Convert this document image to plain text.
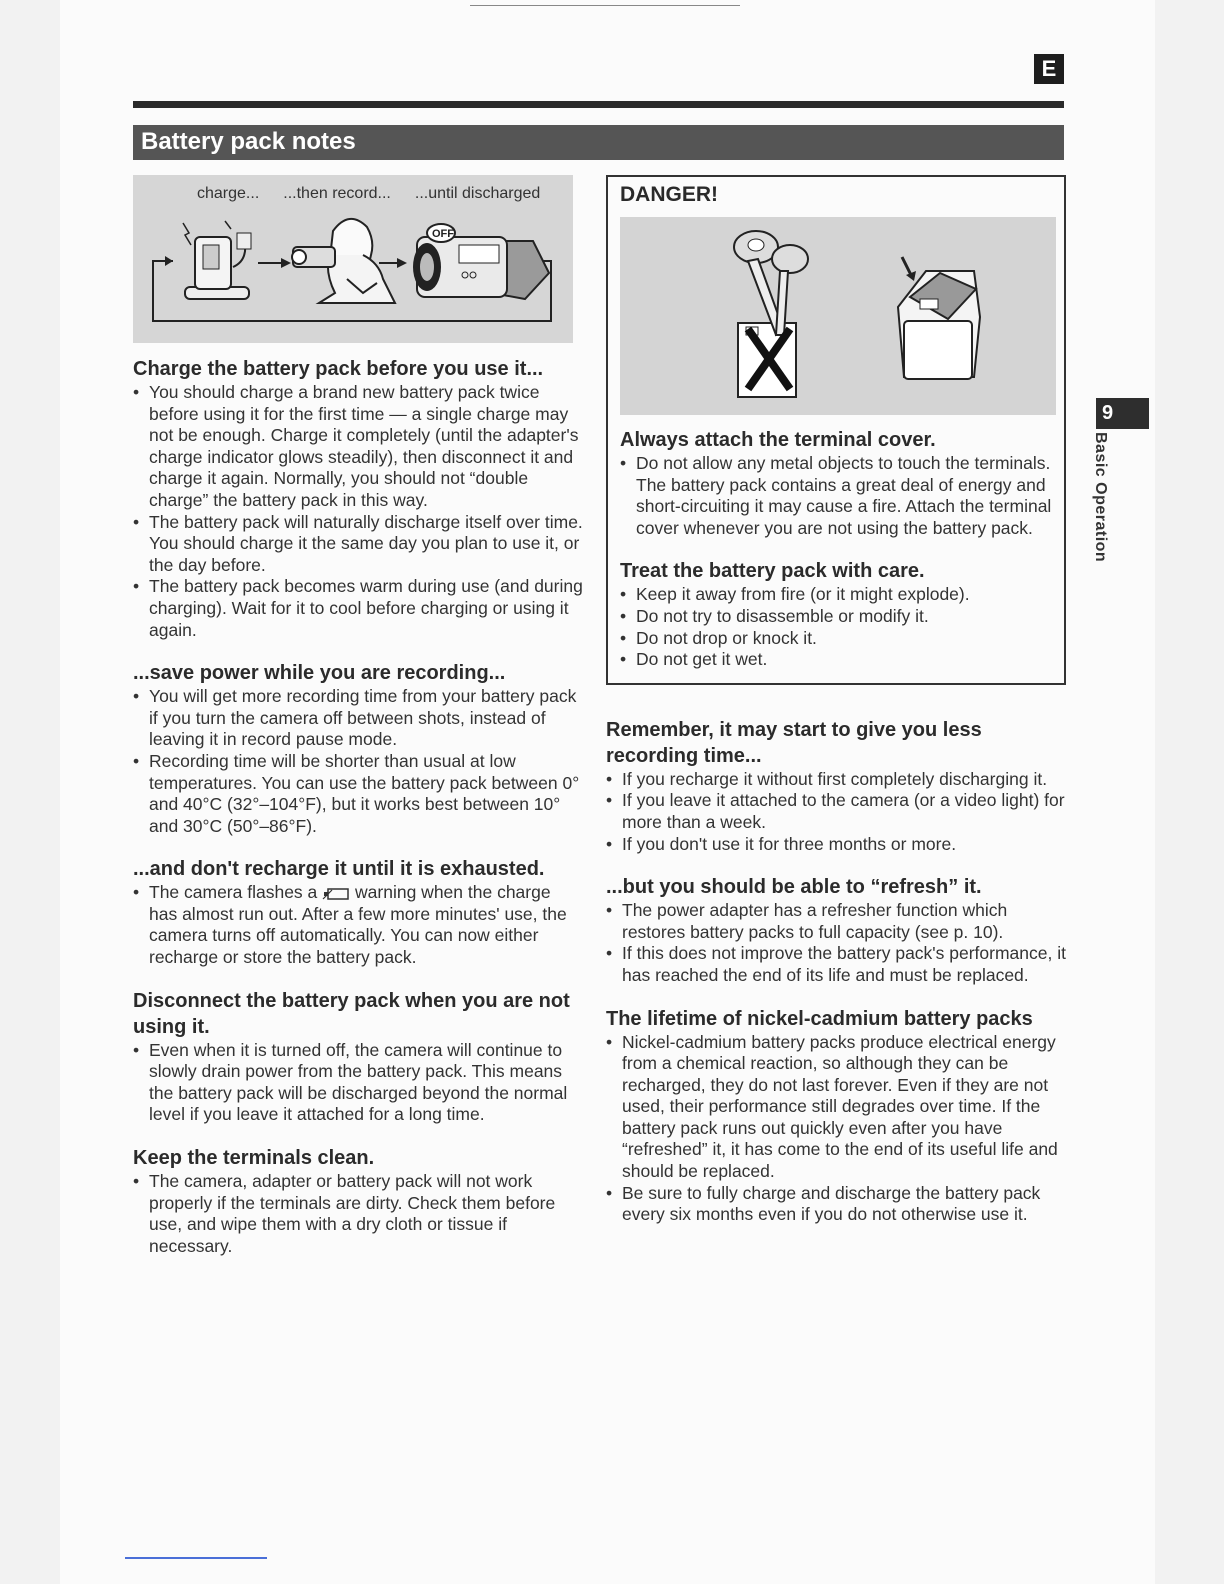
E
Battery pack notes
charge... ...then record... ...until discharged
OFF
Charge the battery pack before you use it...
• You should charge a brand new battery pack twice before using it for the first time — a single charge may not be enough. Charge it completely (until the adapter's charge indicator glows steadily), then disconnect it and charge it again. Normally, you should not “double charge” the battery pack in this way.
• The battery pack will naturally discharge itself over time. You should charge it the same day you plan to use it, or the day before.
• The battery pack becomes warm during use (and during charging). Wait for it to cool before charging or using it again.
...save power while you are recording...
• You will get more recording time from your battery pack if you turn the camera off between shots, instead of leaving it in record pause mode.
• Recording time will be shorter than usual at low temperatures. You can use the battery pack between 0° and 40°C (32°–104°F), but it works best between 10° and 30°C (50°–86°F).
...and don't recharge it until it is exhausted.
• The camera flashes a warning when the charge has almost run out. After a few more minutes' use, the camera turns off automatically. You can now either recharge or store the battery pack.
Disconnect the battery pack when you are not using it.
• Even when it is turned off, the camera will continue to slowly drain power from the battery pack. This means the battery pack will be discharged beyond the normal level if you leave it attached for a long time.
Keep the terminals clean.
• The camera, adapter or battery pack will not work properly if the terminals are dirty. Check them before use, and wipe them with a dry cloth or tissue if necessary.
DANGER!
Always attach the terminal cover.
• Do not allow any metal objects to touch the terminals. The battery pack contains a great deal of energy and short-circuiting it may cause a fire. Attach the terminal cover whenever you are not using the battery pack.
Treat the battery pack with care.
• Keep it away from fire (or it might explode).
• Do not try to disassemble or modify it.
• Do not drop or knock it.
• Do not get it wet.
Remember, it may start to give you less recording time...
• If you recharge it without first completely discharging it.
• If you leave it attached to the camera (or a video light) for more than a week.
• If you don't use it for three months or more.
...but you should be able to “refresh” it.
• The power adapter has a refresher function which restores battery packs to full capacity (see p. 10).
• If this does not improve the battery pack's performance, it has reached the end of its life and must be replaced.
The lifetime of nickel-cadmium battery packs
• Nickel-cadmium battery packs produce electrical energy from a chemical reaction, so although they can be recharged, they do not last forever. Even if they are not used, their performance still degrades over time. If the battery pack runs out quickly even after you have “refreshed” it, it has come to the end of its useful life and should be replaced.
• Be sure to fully charge and discharge the battery pack every six months even if you do not otherwise use it.
9
Basic Operation
